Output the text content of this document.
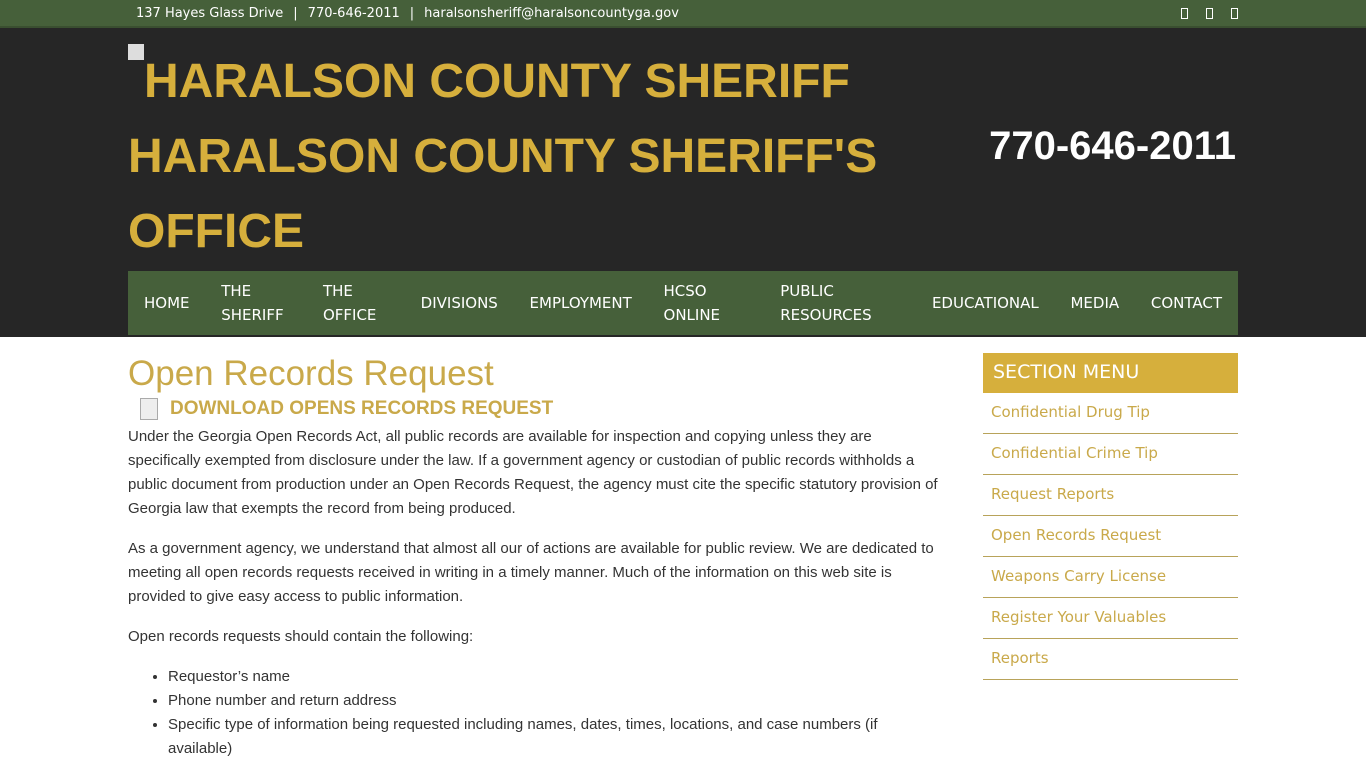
137 Hayes Glass Drive | 770-646-2011 | haralsonsheriff@haralsoncountyga.gov
HARALSON COUNTY SHERIFF HARALSON COUNTY SHERIFF'S OFFICE
770-646-2011
HOME
THE SHERIFF
THE OFFICE
DIVISIONS EMPLOYMENT
HCSO ONLINE
PUBLIC RESOURCES
EDUCATIONAL MEDIA CONTACT
Open Records Request
DOWNLOAD OPENS RECORDS REQUEST

Under the Georgia Open Records Act, all public records are available for inspection and copying unless they are specifically exempted from disclosure under the law. If a government agency or custodian of public records withholds a public document from production under an Open Records Request, the agency must cite the specific statutory provision of Georgia law that exempts the record from being produced.

As a government agency, we understand that almost all our of actions are available for public review. We are dedicated to meeting all open records requests received in writing in a timely manner. Much of the information on this web site is provided to give easy access to public information.

Open records requests should contain the following:

• Requestor’s name
• Phone number and return address
• Specific type of information being requested including names, dates, times, locations, and case numbers (if available)
SECTION MENU
Confidential Drug Tip
Confidential Crime Tip
Request Reports
Open Records Request
Weapons Carry License
Register Your Valuables
Reports
